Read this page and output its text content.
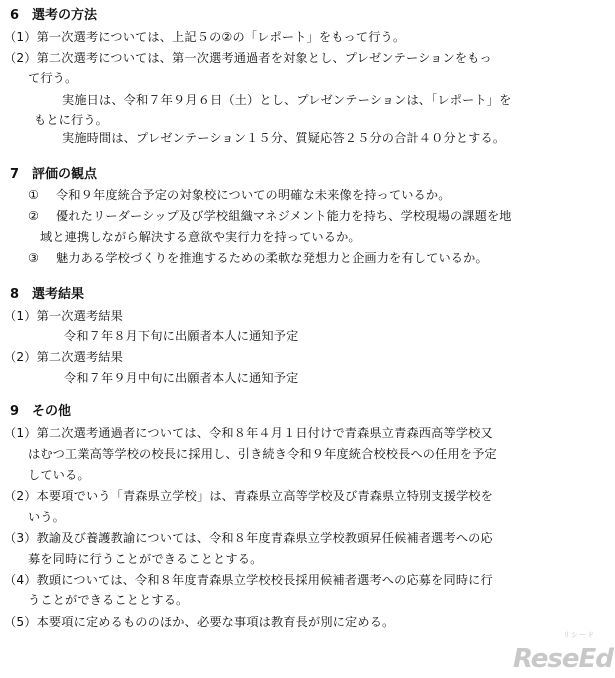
6　選考の方法
（1）第一次選考については、上記５の②の「レポート」をもって行う。
（2）第二次選考については、第一次選考通過者を対象とし、プレゼンテーションをもっ
て行う。
実施日は、令和７年９月６日（土）とし、プレゼンテーションは、「レポート」を
もとに行う。
実施時間は、プレゼンテーション１５分、質疑応答２５分の合計４０分とする。
7　評価の観点
① 令和９年度統合予定の対象校についての明確な未来像を持っているか。
② 優れたリーダーシップ及び学校組織マネジメント能力を持ち、学校現場の課題を地
域と連携しながら解決する意欲や実行力を持っているか。
③ 魅力ある学校づくりを推進するための柔軟な発想力と企画力を有しているか。
8　選考結果
（1）第一次選考結果
令和７年８月下旬に出願者本人に通知予定
（2）第二次選考結果
令和７年９月中旬に出願者本人に通知予定
9　その他
（1）第二次選考通過者については、令和８年４月１日付けで青森県立青森西高等学校又
はむつ工業高等学校の校長に採用し、引き続き令和９年度統合校校長への任用を予定
している。
（2）本要項でいう「青森県立学校」は、青森県立高等学校及び青森県立特別支援学校を
いう。
（3）教諭及び養護教諭については、令和８年度青森県立学校教頭昇任候補者選考への応
募を同時に行うことができることとする。
（4）教頭については、令和８年度青森県立学校校長採用候補者選考への応募を同時に行
うことができることとする。
（5）本要項に定めるもののほか、必要な事項は教育長が別に定める。
リシード
ReseEd
